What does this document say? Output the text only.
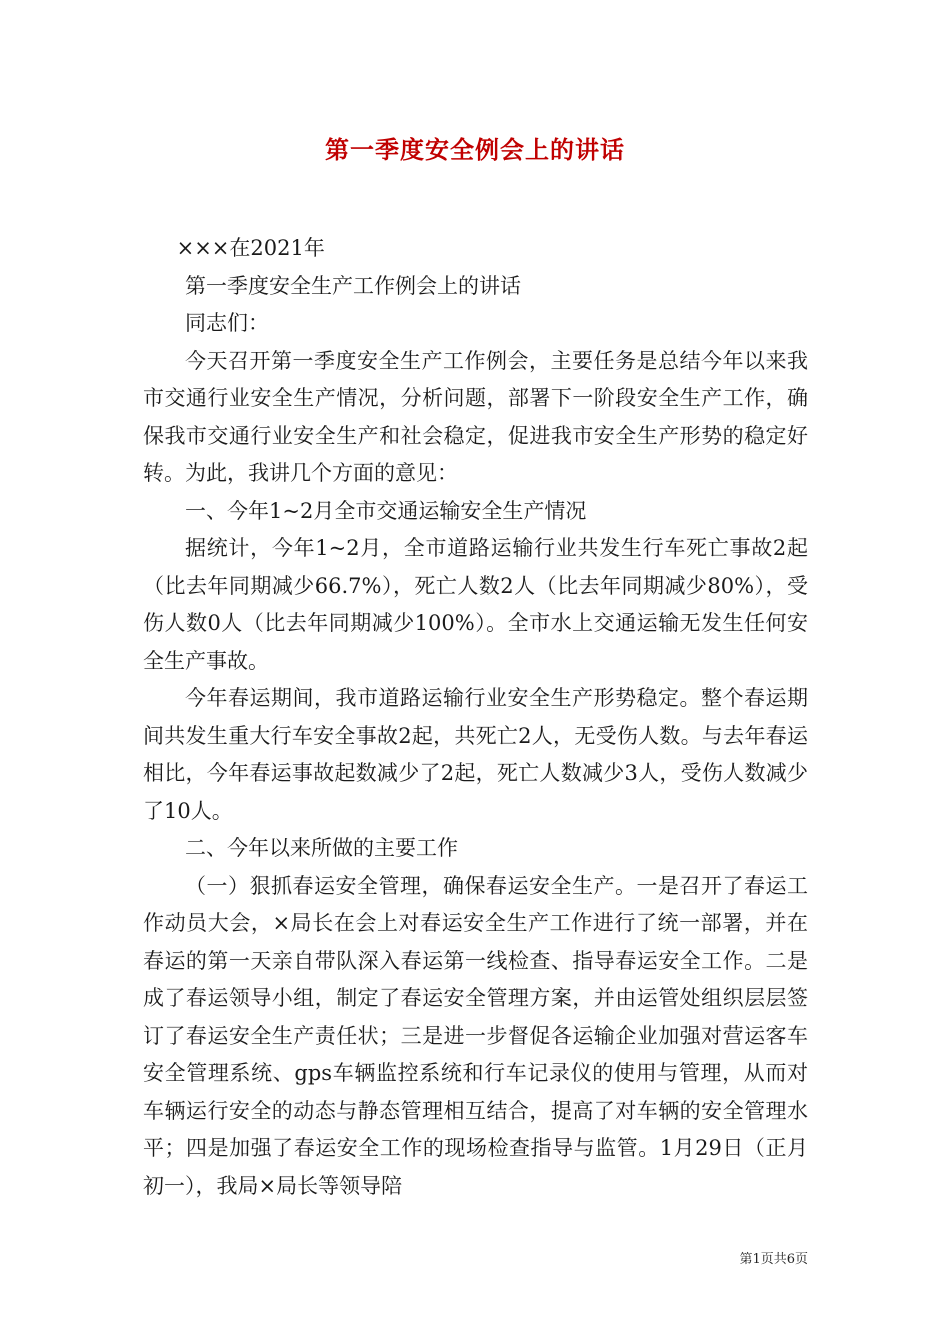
第一季度安全例会上的讲话

×××在2021年

第一季度安全生产工作例会上的讲话

同志们：

今天召开第一季度安全生产工作例会，主要任务是总结今年以来我市交通行业安全生产情况，分析问题，部署下一阶段安全生产工作，确保我市交通行业安全生产和社会稳定，促进我市安全生产形势的稳定好转。为此，我讲几个方面的意见：

一、今年1~2月全市交通运输安全生产情况

据统计，今年1~2月，全市道路运输行业共发生行车死亡事故2起（比去年同期减少66.7%），死亡人数2人（比去年同期减少80%），受伤人数0人（比去年同期减少100%）。全市水上交通运输无发生任何安全生产事故。

今年春运期间，我市道路运输行业安全生产形势稳定。整个春运期间共发生重大行车安全事故2起，共死亡2人，无受伤人数。与去年春运相比，今年春运事故起数减少了2起，死亡人数减少3人，受伤人数减少了10人。

二、今年以来所做的主要工作

（一）狠抓春运安全管理，确保春运安全生产。一是召开了春运工作动员大会，×局长在会上对春运安全生产工作进行了统一部署，并在春运的第一天亲自带队深入春运第一线检查、指导春运安全工作。二是成了春运领导小组，制定了春运安全管理方案，并由运管处组织层层签订了春运安全生产责任状；三是进一步督促各运输企业加强对营运客车安全管理系统、gps车辆监控系统和行车记录仪的使用与管理，从而对车辆运行安全的动态与静态管理相互结合，提高了对车辆的安全管理水平；四是加强了春运安全工作的现场检查指导与监管。1月29日（正月初一），我局×局长等领导陪

第1页共6页
